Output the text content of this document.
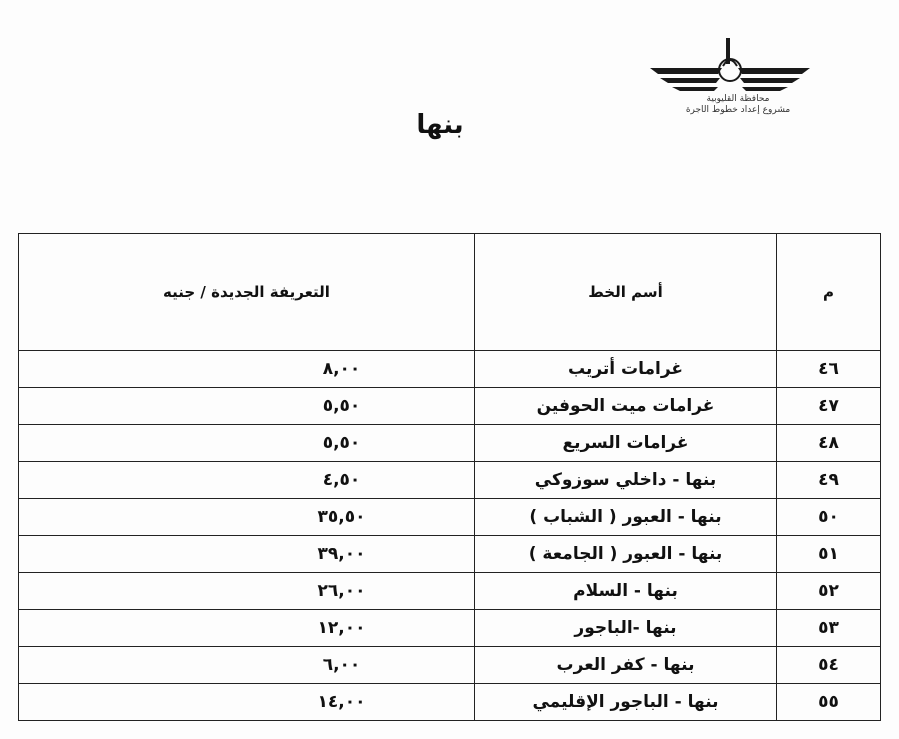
محافظة القليوبية
مشروع إعداد خطوط الأجرة
بنها
م	أسم الخط	التعريفة الجديدة / جنيه
٤٦	غرامات أتريب	٨,٠٠
٤٧	غرامات ميت الحوفين	٥,٥٠
٤٨	غرامات السريع	٥,٥٠
٤٩	بنها - داخلي سوزوكي	٤,٥٠
٥٠	بنها - العبور ( الشباب )	٣٥,٥٠
٥١	بنها - العبور ( الجامعة )	٣٩,٠٠
٥٢	بنها - السلام	٢٦,٠٠
٥٣	بنها -الباجور	١٢,٠٠
٥٤	بنها - كفر العرب	٦,٠٠
٥٥	بنها - الباجور الإقليمي	١٤,٠٠
